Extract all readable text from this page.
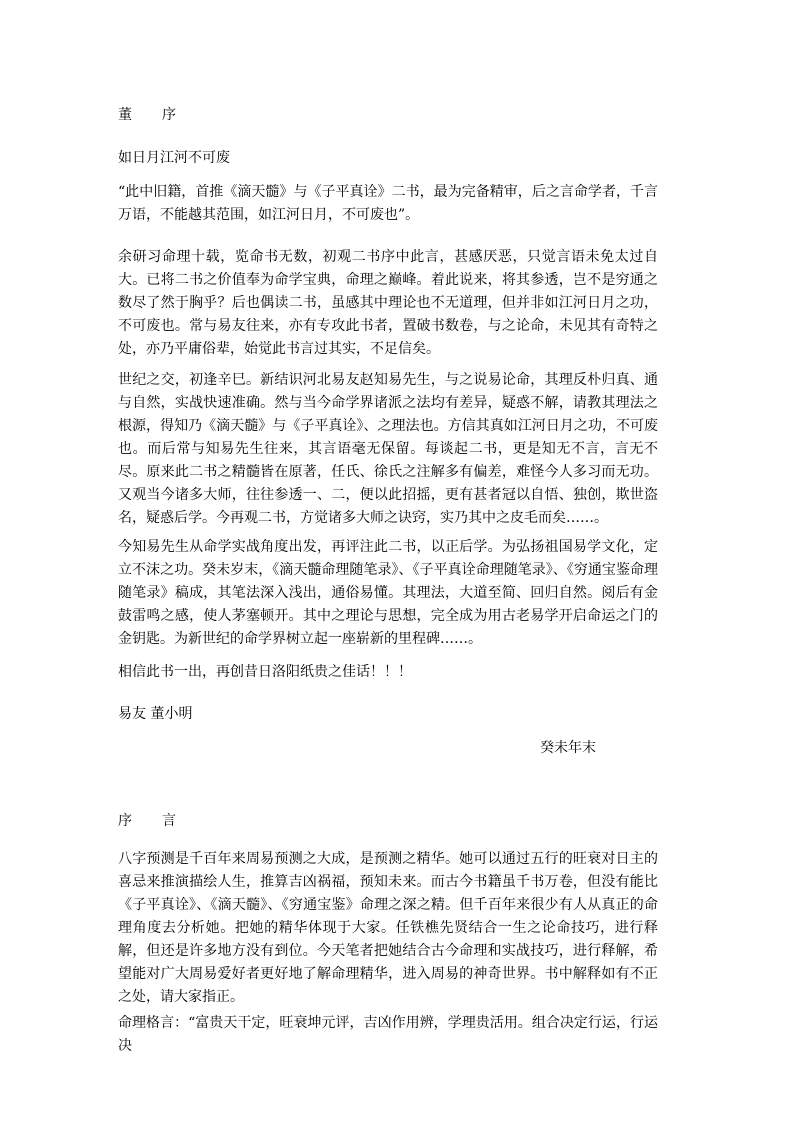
董 序

如日月江河不可废

“此中旧籍，首推《滴天髓》与《子平真诠》二书，最为完备精审，后之言命学者，千言万语，不能越其范围，如江河日月，不可废也”。

余研习命理十载，览命书无数，初观二书序中此言，甚感厌恶，只觉言语未免太过自大。已将二书之价值奉为命学宝典，命理之巅峰。着此说来，将其参透，岂不是穷通之数尽了然于胸乎？后也偶读二书，虽感其中理论也不无道理，但并非如江河日月之功，不可废也。常与易友往来，亦有专攻此书者，置破书数卷，与之论命，未见其有奇特之处，亦乃平庸俗辈，始觉此书言过其实，不足信矣。

世纪之交，初逢辛巳。新结识河北易友赵知易先生，与之说易论命，其理反朴归真、通与自然，实战快速准确。然与当今命学界诸派之法均有差异，疑惑不解，请教其理法之根源，得知乃《滴天髓》与《子平真诠》、之理法也。方信其真如江河日月之功，不可废也。而后常与知易先生往来，其言语毫无保留。每谈起二书，更是知无不言，言无不尽。原来此二书之精髓皆在原著，任氏、徐氏之注解多有偏差，难怪今人多习而无功。又观当今诸多大师，往往参透一、二，便以此招摇，更有甚者冠以自悟、独创，欺世盗名，疑惑后学。今再观二书，方觉诸多大师之诀窍，实乃其中之皮毛而矣……。

今知易先生从命学实战角度出发，再评注此二书，以正后学。为弘扬祖国易学文化，定立不沫之功。癸未岁末，《滴天髓命理随笔录》、《子平真诠命理随笔录》、《穷通宝鉴命理随笔录》稿成，其笔法深入浅出，通俗易懂。其理法，大道至简、回归自然。阅后有金鼓雷鸣之感，使人茅塞顿开。其中之理论与思想，完全成为用古老易学开启命运之门的金钥匙。为新世纪的命学界树立起一座崭新的里程碑……。

相信此书一出，再创昔日洛阳纸贵之佳话！！！

易友 董小明

癸未年末

序 言

八字预测是千百年来周易预测之大成，是预测之精华。她可以通过五行的旺衰对日主的喜忌来推演描绘人生，推算吉凶祸福，预知未来。而古今书籍虽千书万卷，但没有能比《子平真诠》、《滴天髓》、《穷通宝鉴》命理之深之精。但千百年来很少有人从真正的命理角度去分析她。把她的精华体现于大家。任铁樵先贤结合一生之论命技巧，进行释解，但还是许多地方没有到位。今天笔者把她结合古今命理和实战技巧，进行释解，希望能对广大周易爱好者更好地了解命理精华，进入周易的神奇世界。书中解释如有不正之处，请大家指正。

命理格言：“富贵天干定，旺衰坤元评，吉凶作用辨，学理贵活用。组合决定行运，行运决
